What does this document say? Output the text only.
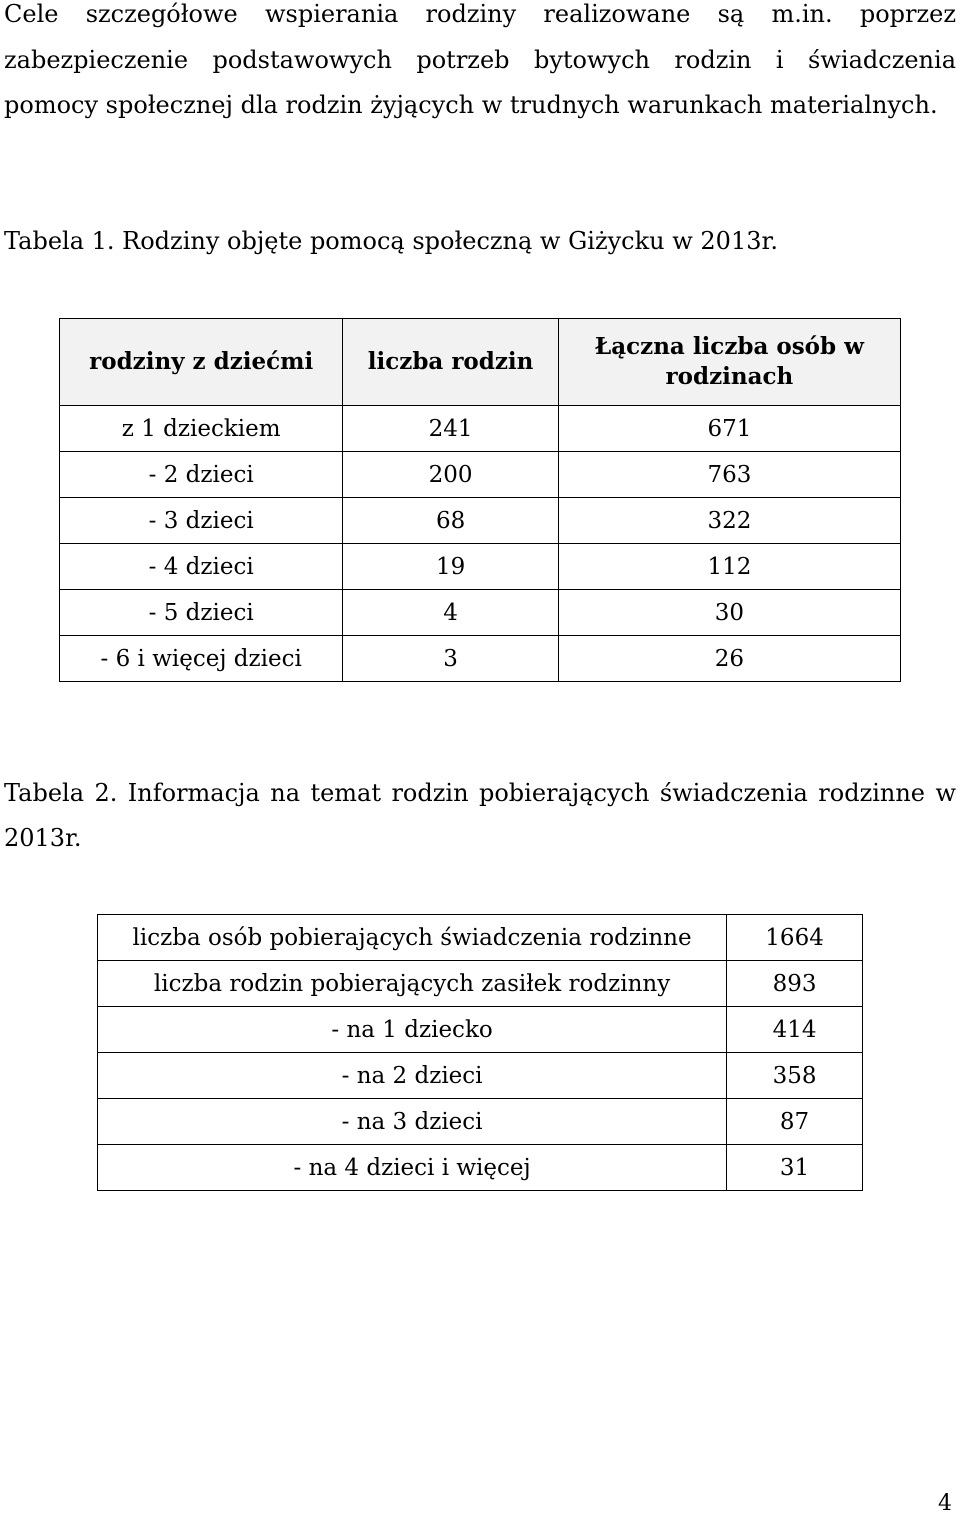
Cele szczegółowe wspierania rodziny realizowane są m.in. poprzez zabezpieczenie podstawowych potrzeb bytowych rodzin i świadczenia pomocy społecznej dla rodzin żyjących w trudnych warunkach materialnych.

Tabela 1. Rodziny objęte pomocą społeczną w Giżycku w 2013r.

rodziny z dziećmi	liczba rodzin	Łączna liczba osób w rodzinach
z 1 dzieckiem	241	671
- 2 dzieci	200	763
- 3 dzieci	68	322
- 4 dzieci	19	112
- 5 dzieci	4	30
- 6 i więcej dzieci	3	26

Tabela 2. Informacja na temat rodzin pobierających świadczenia rodzinne w 2013r.

liczba osób pobierających świadczenia rodzinne	1664
liczba rodzin pobierających zasiłek rodzinny	893
- na 1 dziecko	414
- na 2 dzieci	358
- na 3 dzieci	87
- na 4 dzieci i więcej	31
4
